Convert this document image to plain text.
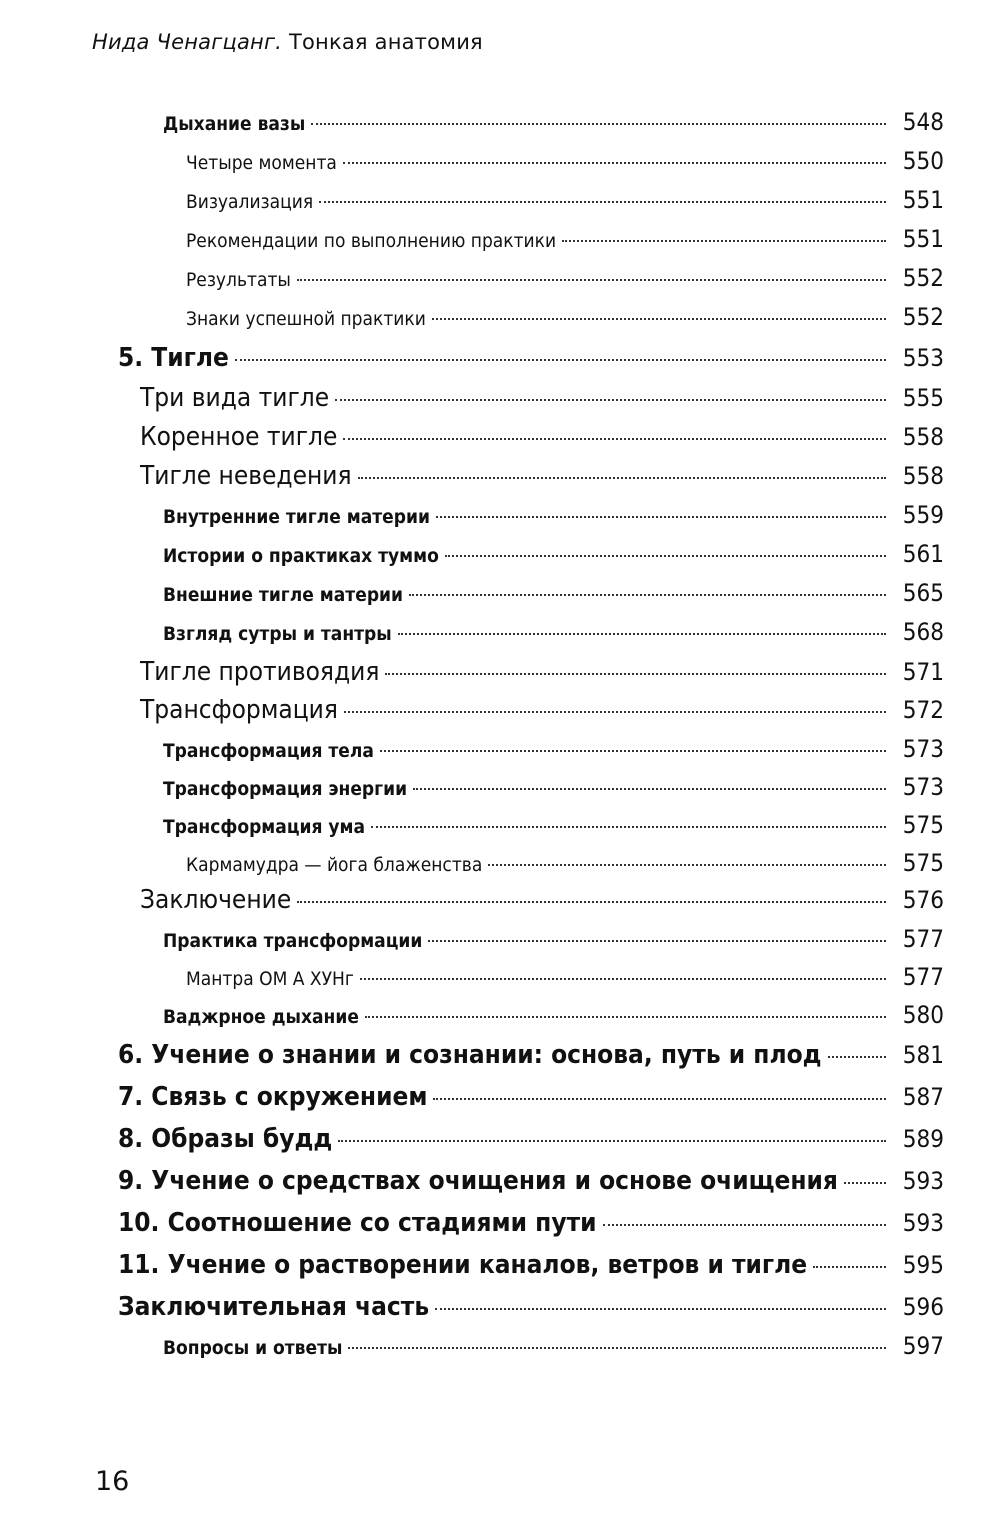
Нида Ченагцанг. Тонкая анатомия
Дыхание вазы	548
Четыре момента	550
Визуализация	551
Рекомендации по выполнению практики	551
Результаты	552
Знаки успешной практики	552
5. Тигле	553
Три вида тигле	555
Коренное тигле	558
Тигле неведения	558
Внутренние тигле материи	559
Истории о практиках туммо	561
Внешние тигле материи	565
Взгляд сутры и тантры	568
Тигле противоядия	571
Трансформация	572
Трансформация тела	573
Трансформация энергии	573
Трансформация ума	575
Кармамудра — йога блаженства	575
Заключение	576
Практика трансформации	577
Мантра ОМ А ХУНг	577
Ваджрное дыхание	580
6. Учение о знании и сознании: основа, путь и плод	581
7. Связь с окружением	587
8. Образы будд	589
9. Учение о средствах очищения и основе очищения	593
10. Соотношение со стадиями пути	593
11. Учение о растворении каналов, ветров и тигле	595
Заключительная часть	596
Вопросы и ответы	597
16
